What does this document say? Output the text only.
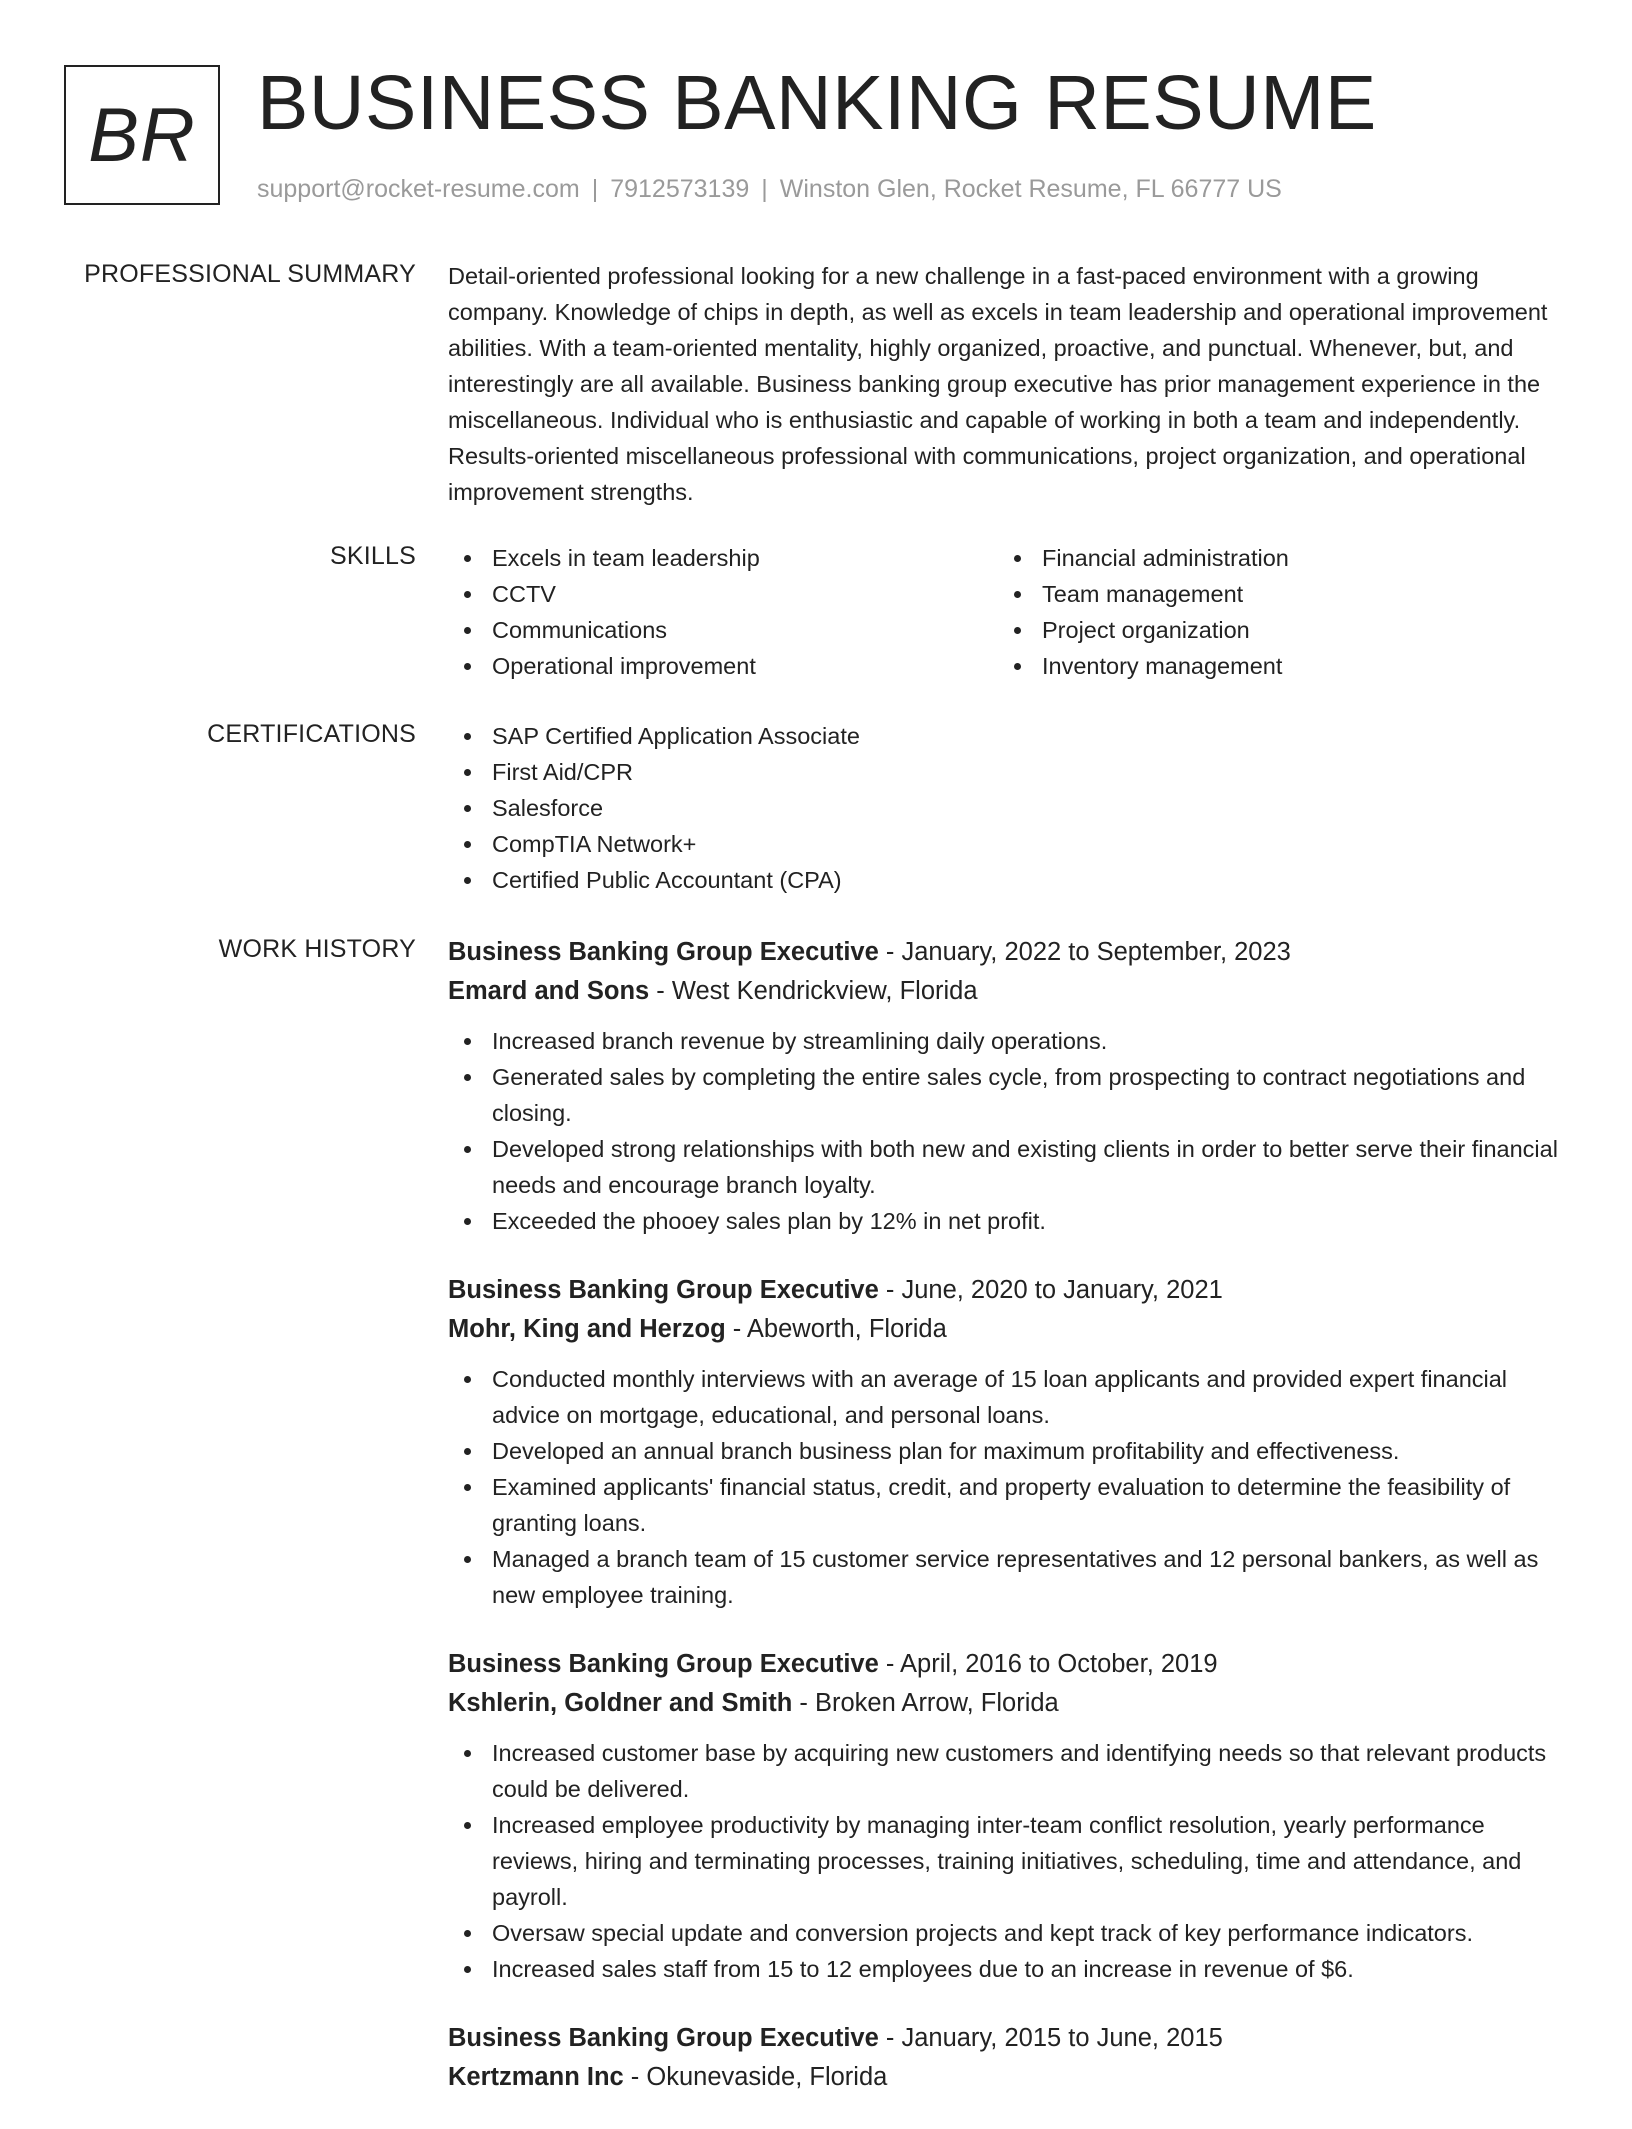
BR BUSINESS BANKING RESUME
support@rocket-resume.com | 7912573139 | Winston Glen, Rocket Resume, FL 66777 US
PROFESSIONAL SUMMARY Detail-oriented professional looking for a new challenge in a fast-paced environment with a growing company. Knowledge of chips in depth, as well as excels in team leadership and operational improvement abilities. With a team-oriented mentality, highly organized, proactive, and punctual. Whenever, but, and interestingly are all available. Business banking group executive has prior management experience in the miscellaneous. Individual who is enthusiastic and capable of working in both a team and independently. Results-oriented miscellaneous professional with communications, project organization, and operational improvement strengths.
SKILLS	Excels in team leadership
CCTV
Communications
Operational improvement
Financial administration
Team management
Project organization
Inventory management
CERTIFICATIONS	SAP Certified Application Associate
First Aid/CPR
Salesforce
CompTIA Network+
Certified Public Accountant (CPA)
WORK HISTORY Business Banking Group Executive - January, 2022 to September, 2023
Emard and Sons - West Kendrickview, Florida
Increased branch revenue by streamlining daily operations.
Generated sales by completing the entire sales cycle, from prospecting to contract negotiations and closing.
Developed strong relationships with both new and existing clients in order to better serve their financial needs and encourage branch loyalty.
Exceeded the phooey sales plan by 12% in net profit.
Business Banking Group Executive - June, 2020 to January, 2021
Mohr, King and Herzog - Abeworth, Florida
Conducted monthly interviews with an average of 15 loan applicants and provided expert financial advice on mortgage, educational, and personal loans.
Developed an annual branch business plan for maximum profitability and effectiveness.
Examined applicants' financial status, credit, and property evaluation to determine the feasibility of granting loans.
Managed a branch team of 15 customer service representatives and 12 personal bankers, as well as new employee training.
Business Banking Group Executive - April, 2016 to October, 2019
Kshlerin, Goldner and Smith - Broken Arrow, Florida
Increased customer base by acquiring new customers and identifying needs so that relevant products could be delivered.
Increased employee productivity by managing inter-team conflict resolution, yearly performance reviews, hiring and terminating processes, training initiatives, scheduling, time and attendance, and payroll.
Oversaw special update and conversion projects and kept track of key performance indicators.
Increased sales staff from 15 to 12 employees due to an increase in revenue of $6.
Business Banking Group Executive - January, 2015 to June, 2015
Kertzmann Inc - Okunevaside, Florida
